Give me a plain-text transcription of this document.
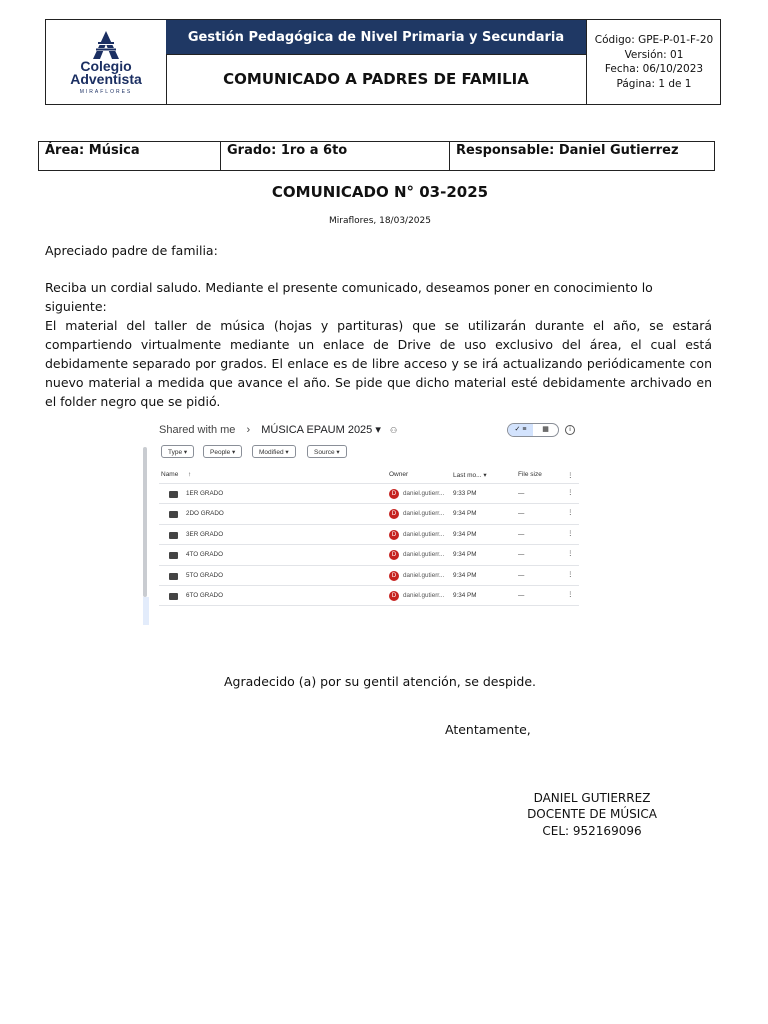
Colegio
Adventista
MIRAFLORES
Gestión Pedagógica de Nivel Primaria y Secundaria
COMUNICADO A PADRES DE FAMILIA
Código: GPE-P-01-F-20
Versión: 01
Fecha: 06/10/2023
Página: 1 de 1
Área: Música	Grado: 1ro a 6to	Responsable: Daniel Gutierrez
COMUNICADO N° 03-2025
Miraflores, 18/03/2025
Apreciado padre de familia:
Reciba un cordial saludo. Mediante el presente comunicado, deseamos poner en conocimiento lo siguiente:
El material del taller de música (hojas y partituras) que se utilizarán durante el año, se estará compartiendo virtualmente mediante un enlace de Drive de uso exclusivo del área, el cual está debidamente separado por grados. El enlace es de libre acceso y se irá actualizando periódicamente con nuevo material a medida que avance el año. Se pide que dicho material esté debidamente archivado en el folder negro que se pidió.
Shared with me › MÚSICA EPAUM 2025 ▾ ⚇	✓ ≡	▦	i
Type ▾	People ▾	Modified ▾	Source ▾
Name ↑	Owner	Last mo... ▾	File size	⋮
1ER GRADO	D	daniel.gutierr... 9:33 PM	—	⋮
2DO GRADO	D	daniel.gutierr... 9:34 PM	—	⋮
3ER GRADO	D	daniel.gutierr... 9:34 PM	—	⋮
4TO GRADO	D	daniel.gutierr... 9:34 PM	—	⋮
5TO GRADO	D	daniel.gutierr... 9:34 PM	—	⋮
6TO GRADO	D	daniel.gutierr... 9:34 PM	—	⋮
Agradecido (a) por su gentil atención, se despide.
Atentamente,
DANIEL GUTIERREZ
DOCENTE DE MÚSICA
CEL: 952169096
